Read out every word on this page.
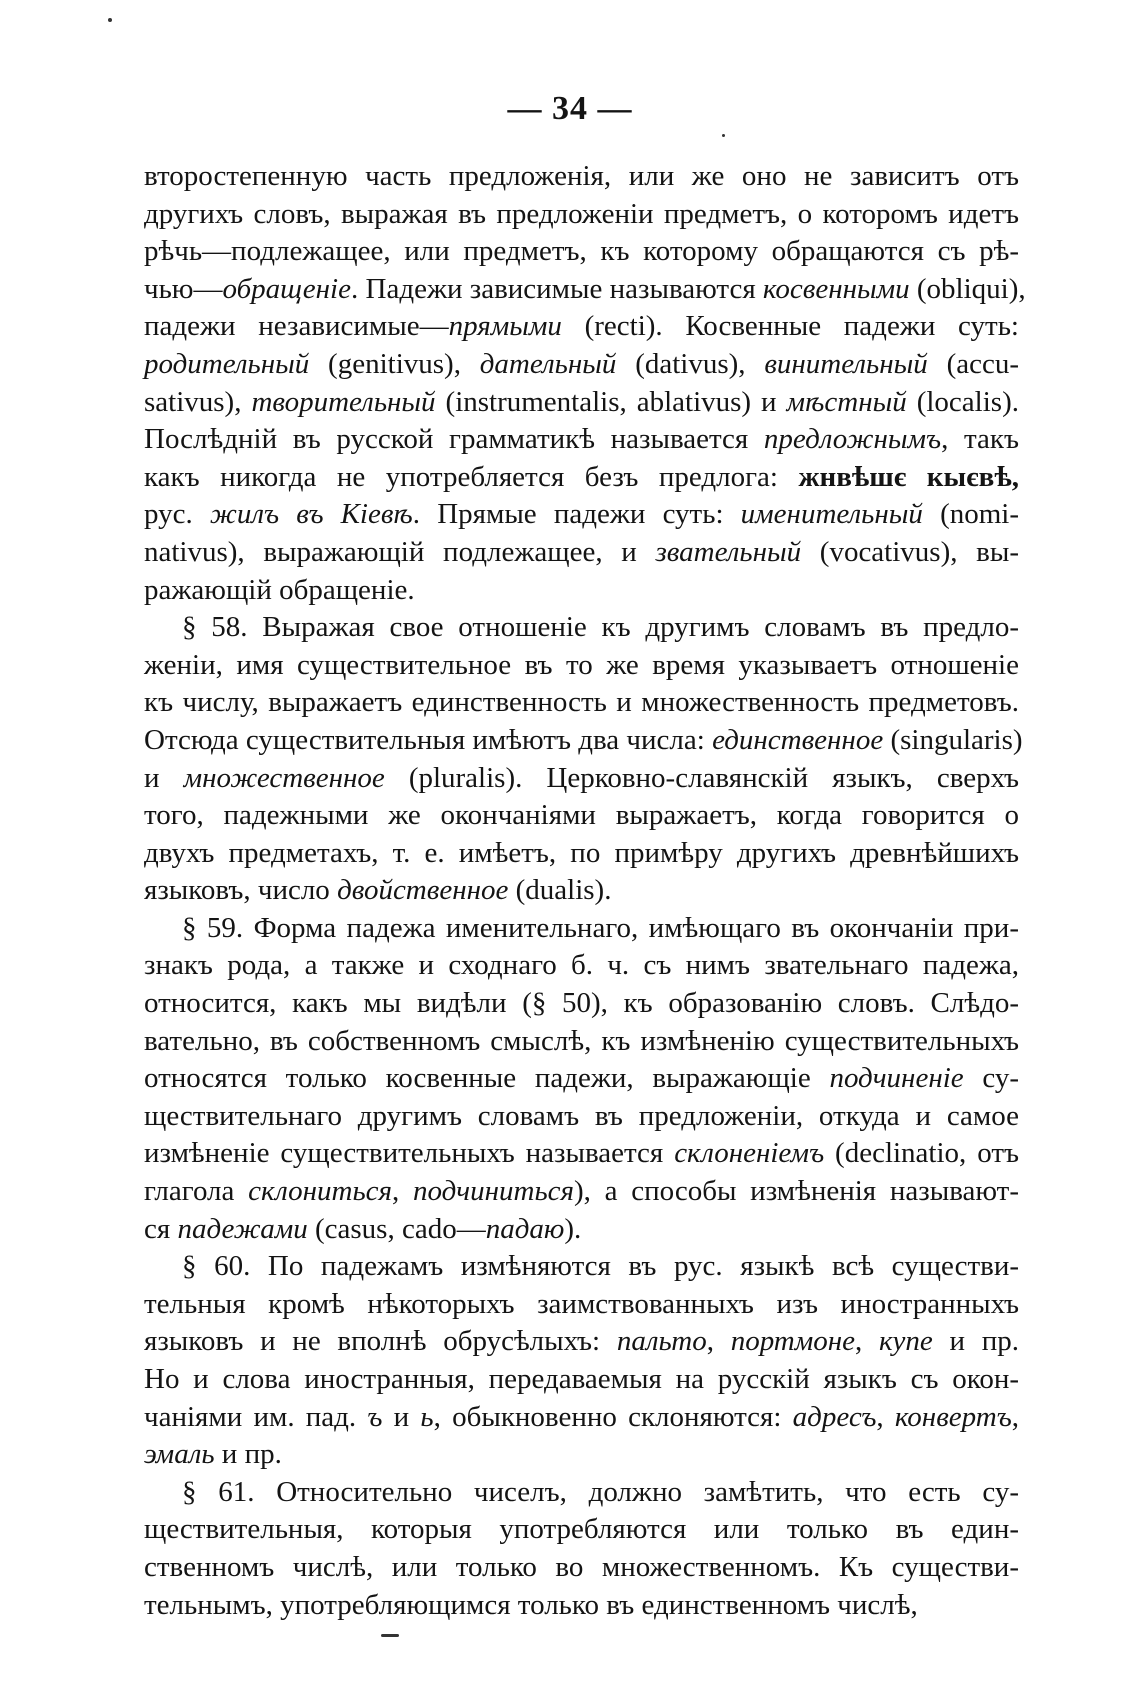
— 34 —
второстепенную часть предложенія, или же оно не зависитъ отъ
другихъ словъ, выражая въ предложеніи предметъ, о которомъ идетъ
рѣчь—подлежащее, или предметъ, къ которому обращаются съ рѣ-
чью—обращеніе. Падежи зависимые называются косвенными (obliqui),
падежи независимые—прямыми (recti). Косвенные падежи суть:
родительный (genitivus), дательный (dativus), винительный (accu-
sativus), творительный (instrumentalis, ablativus) и мѣстный (localis).
Послѣдній въ русской грамматикѣ называется предложнымъ, такъ
какъ никогда не употребляется безъ предлога: жнвѣшє кыєвѣ,
рус. жилъ въ Кіевѣ. Прямые падежи суть: именительный (nomi-
nativus), выражающій подлежащее, и звательный (vocativus), вы-
ражающій обращеніе.
§ 58. Выражая свое отношеніе къ другимъ словамъ въ предло-
женіи, имя существительное въ то же время указываетъ отношеніе
къ числу, выражаетъ единственность и множественность предметовъ.
Отсюда существительныя имѣютъ два числа: единственное (singularis)
и множественное (pluralis). Церковно-славянскій языкъ, сверхъ
того, падежными же окончаніями выражаетъ, когда говорится о
двухъ предметахъ, т. е. имѣетъ, по примѣру другихъ древнѣйшихъ
языковъ, число двойственное (dualis).
§ 59. Форма падежа именительнаго, имѣющаго въ окончаніи при-
знакъ рода, а также и сходнаго б. ч. съ нимъ звательнаго падежа,
относится, какъ мы видѣли (§ 50), къ образованію словъ. Слѣдо-
вательно, въ собственномъ смыслѣ, къ измѣненію существительныхъ
относятся только косвенные падежи, выражающіе подчиненіе су-
ществительнаго другимъ словамъ въ предложеніи, откуда и самое
измѣненіе существительныхъ называется склоненіемъ (declinatio, отъ
глагола склониться, подчиниться), а способы измѣненія называют-
ся падежами (casus, cado—падаю).
§ 60. По падежамъ измѣняются въ рус. языкѣ всѣ существи-
тельныя кромѣ нѣкоторыхъ заимствованныхъ изъ иностранныхъ
языковъ и не вполнѣ обрусѣлыхъ: пальто, портмоне, купе и пр.
Но и слова иностранныя, передаваемыя на русскій языкъ съ окон-
чаніями им. пад. ъ и ь, обыкновенно склоняются: адресъ, конвертъ,
эмаль и пр.
§ 61. Относительно чиселъ, должно замѣтить, что есть су-
ществительныя, которыя употребляются или только въ един-
ственномъ числѣ, или только во множественномъ. Къ существи-
тельнымъ, употребляющимся только въ единственномъ числѣ,
